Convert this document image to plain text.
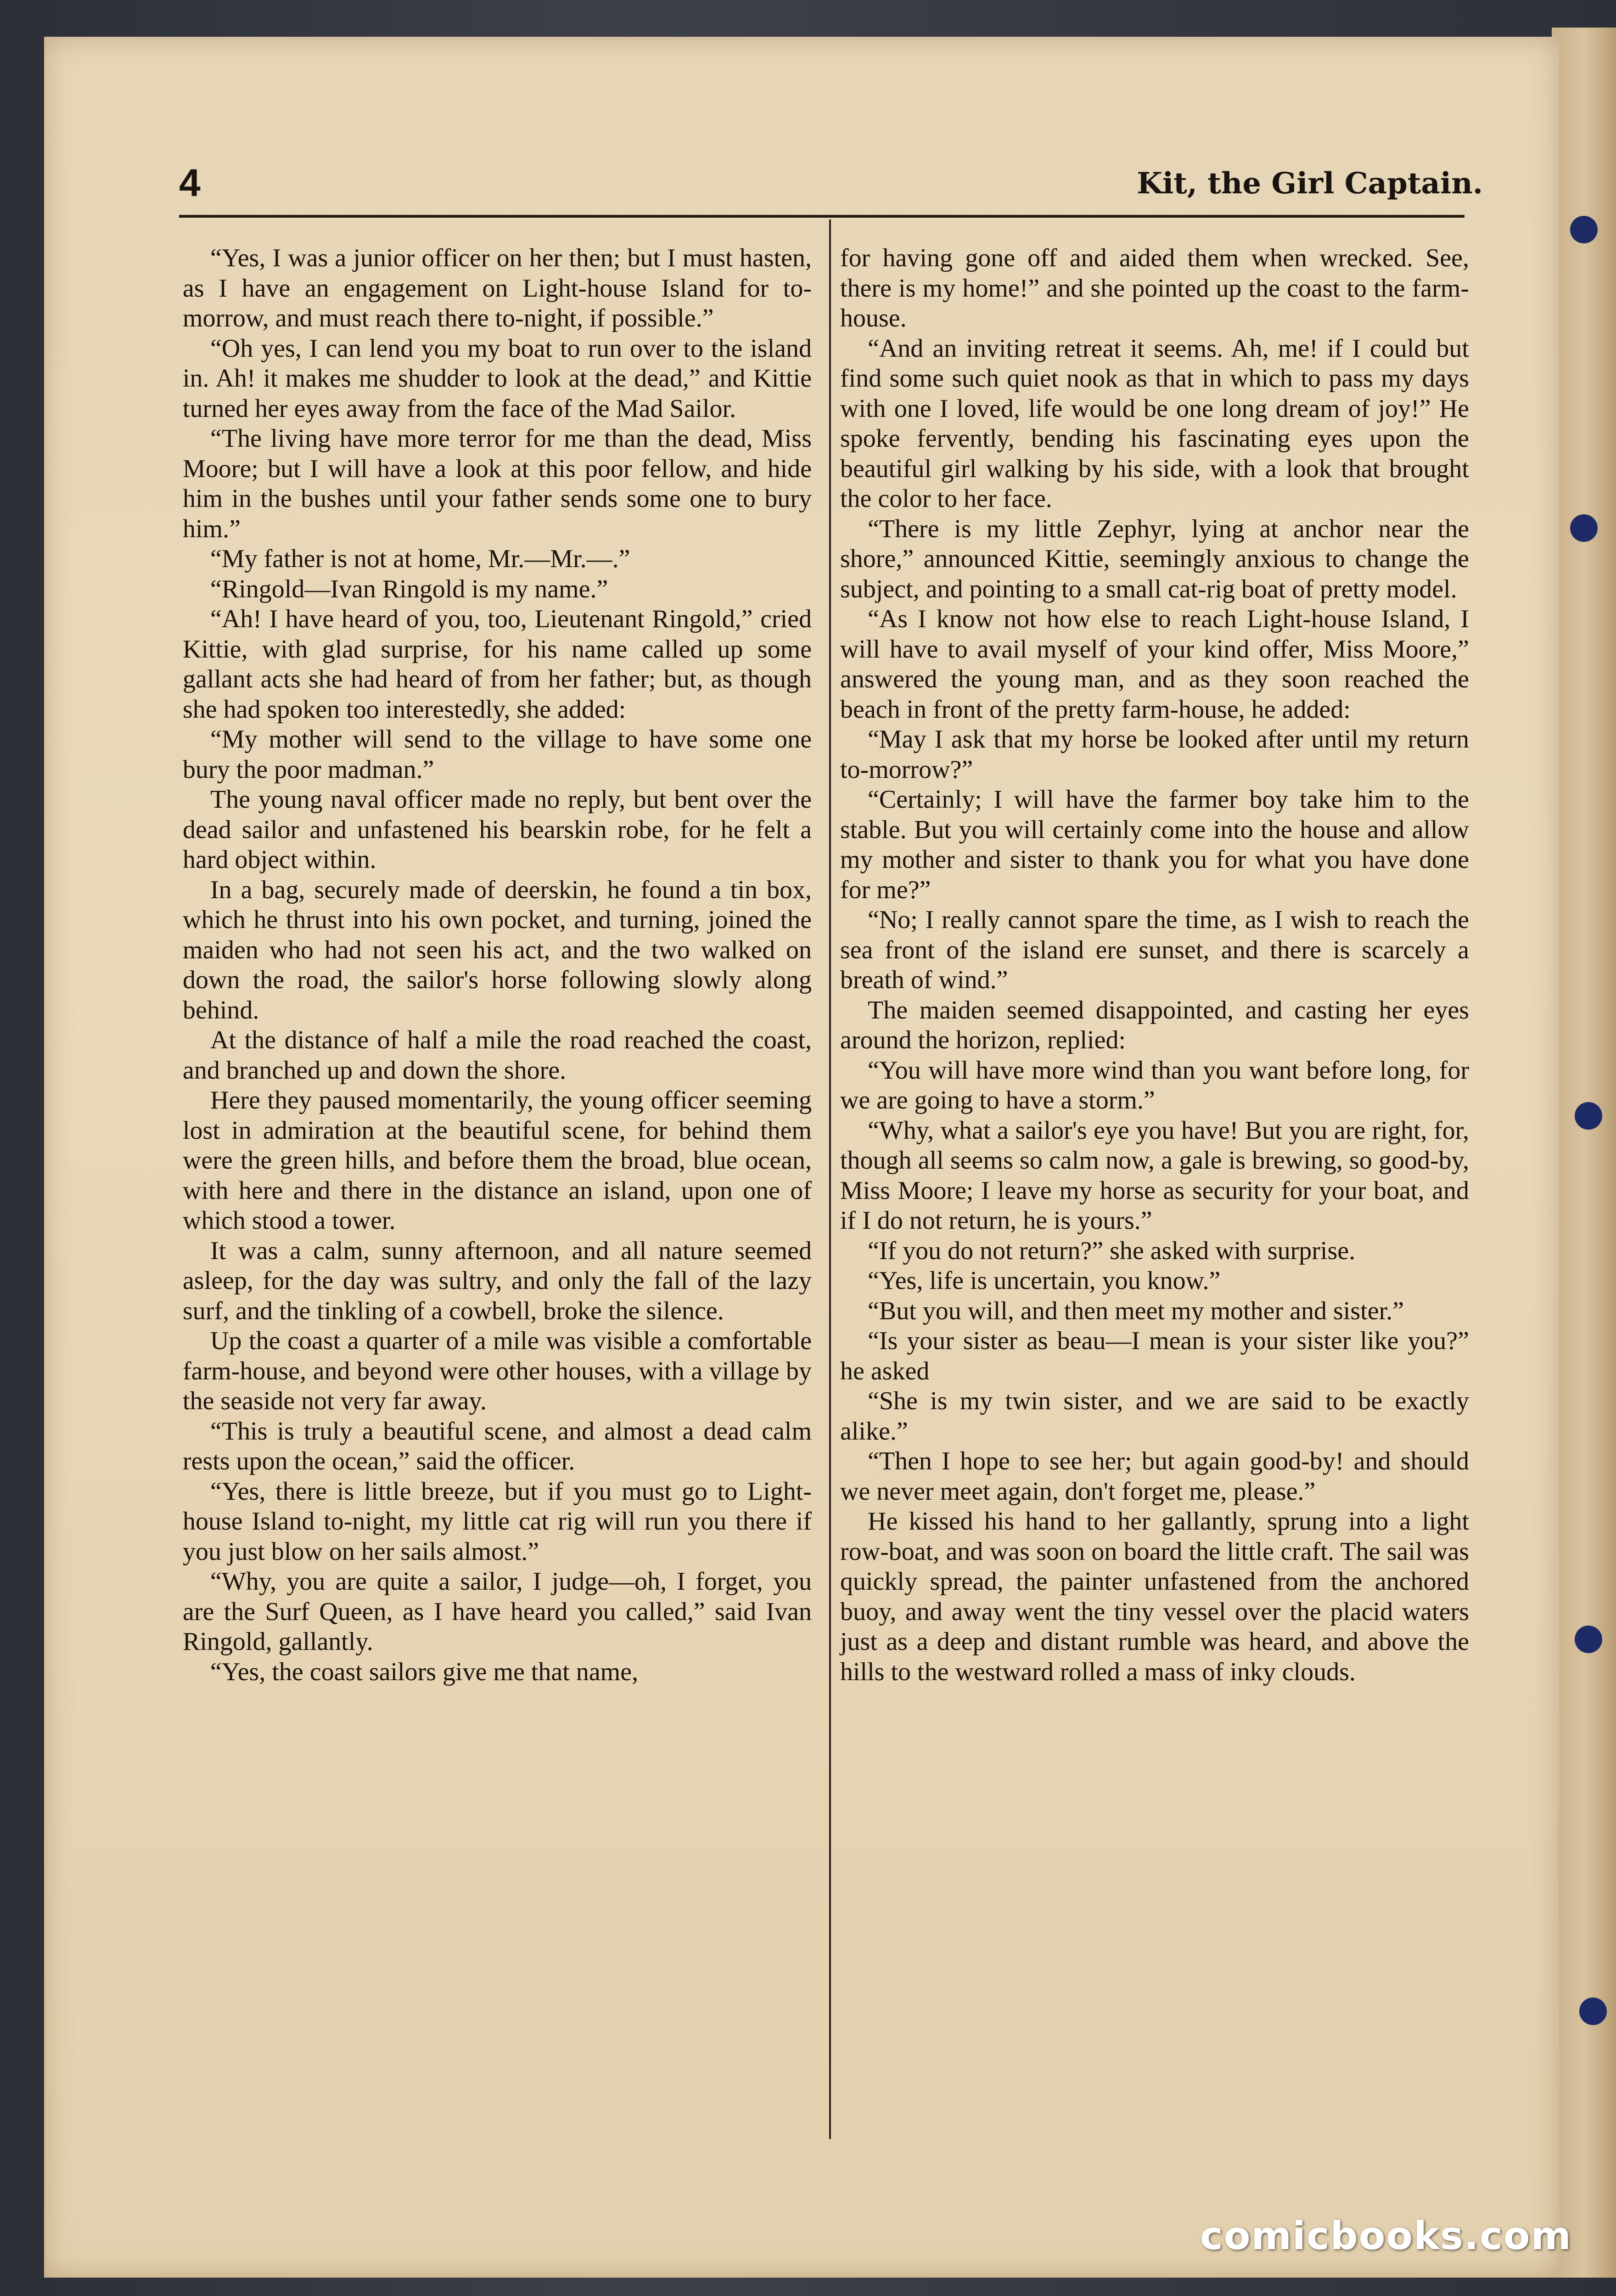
4	Kit, the Girl Captain.

“Yes, I was a junior officer on her then; but I must hasten, as I have an engagement on Light-house Island for to-morrow, and must reach there to-night, if possible.”

“Oh yes, I can lend you my boat to run over to the island in. Ah! it makes me shudder to look at the dead,” and Kittie turned her eyes away from the face of the Mad Sailor.

“The living have more terror for me than the dead, Miss Moore; but I will have a look at this poor fellow, and hide him in the bushes until your father sends some one to bury him.”

“My father is not at home, Mr.—Mr.—.”

“Ringold—Ivan Ringold is my name.”

“Ah! I have heard of you, too, Lieutenant Ringold,” cried Kittie, with glad surprise, for his name called up some gallant acts she had heard of from her father; but, as though she had spoken too interestedly, she added:

“My mother will send to the village to have some one bury the poor madman.”

The young naval officer made no reply, but bent over the dead sailor and unfastened his bearskin robe, for he felt a hard object within.

In a bag, securely made of deerskin, he found a tin box, which he thrust into his own pocket, and turning, joined the maiden who had not seen his act, and the two walked on down the road, the sailor's horse following slowly along behind.

At the distance of half a mile the road reached the coast, and branched up and down the shore.

Here they paused momentarily, the young officer seeming lost in admiration at the beautiful scene, for behind them were the green hills, and before them the broad, blue ocean, with here and there in the distance an island, upon one of which stood a tower.

It was a calm, sunny afternoon, and all nature seemed asleep, for the day was sultry, and only the fall of the lazy surf, and the tinkling of a cowbell, broke the silence.

Up the coast a quarter of a mile was visible a comfortable farm-house, and beyond were other houses, with a village by the seaside not very far away.

“This is truly a beautiful scene, and almost a dead calm rests upon the ocean,” said the officer.

“Yes, there is little breeze, but if you must go to Light-house Island to-night, my little cat rig will run you there if you just blow on her sails almost.”

“Why, you are quite a sailor, I judge—oh, I forget, you are the Surf Queen, as I have heard you called,” said Ivan Ringold, gallantly.

“Yes, the coast sailors give me that name,

for having gone off and aided them when wrecked. See, there is my home!” and she pointed up the coast to the farm-house.

“And an inviting retreat it seems. Ah, me! if I could but find some such quiet nook as that in which to pass my days with one I loved, life would be one long dream of joy!” He spoke fervently, bending his fascinating eyes upon the beautiful girl walking by his side, with a look that brought the color to her face.

“There is my little Zephyr, lying at anchor near the shore,” announced Kittie, seemingly anxious to change the subject, and pointing to a small cat-rig boat of pretty model.

“As I know not how else to reach Light-house Island, I will have to avail myself of your kind offer, Miss Moore,” answered the young man, and as they soon reached the beach in front of the pretty farm-house, he added:

“May I ask that my horse be looked after until my return to-morrow?”

“Certainly; I will have the farmer boy take him to the stable. But you will certainly come into the house and allow my mother and sister to thank you for what you have done for me?”

“No; I really cannot spare the time, as I wish to reach the sea front of the island ere sunset, and there is scarcely a breath of wind.”

The maiden seemed disappointed, and casting her eyes around the horizon, replied:

“You will have more wind than you want before long, for we are going to have a storm.”

“Why, what a sailor's eye you have! But you are right, for, though all seems so calm now, a gale is brewing, so good-by, Miss Moore; I leave my horse as security for your boat, and if I do not return, he is yours.”

“If you do not return?” she asked with surprise.

“Yes, life is uncertain, you know.”

“But you will, and then meet my mother and sister.”

“Is your sister as beau—I mean is your sister like you?” he asked

“She is my twin sister, and we are said to be exactly alike.”

“Then I hope to see her; but again good-by! and should we never meet again, don't forget me, please.”

He kissed his hand to her gallantly, sprung into a light row-boat, and was soon on board the little craft. The sail was quickly spread, the painter unfastened from the anchored buoy, and away went the tiny vessel over the placid waters just as a deep and distant rumble was heard, and above the hills to the westward rolled a mass of inky clouds.

comicbooks.com
